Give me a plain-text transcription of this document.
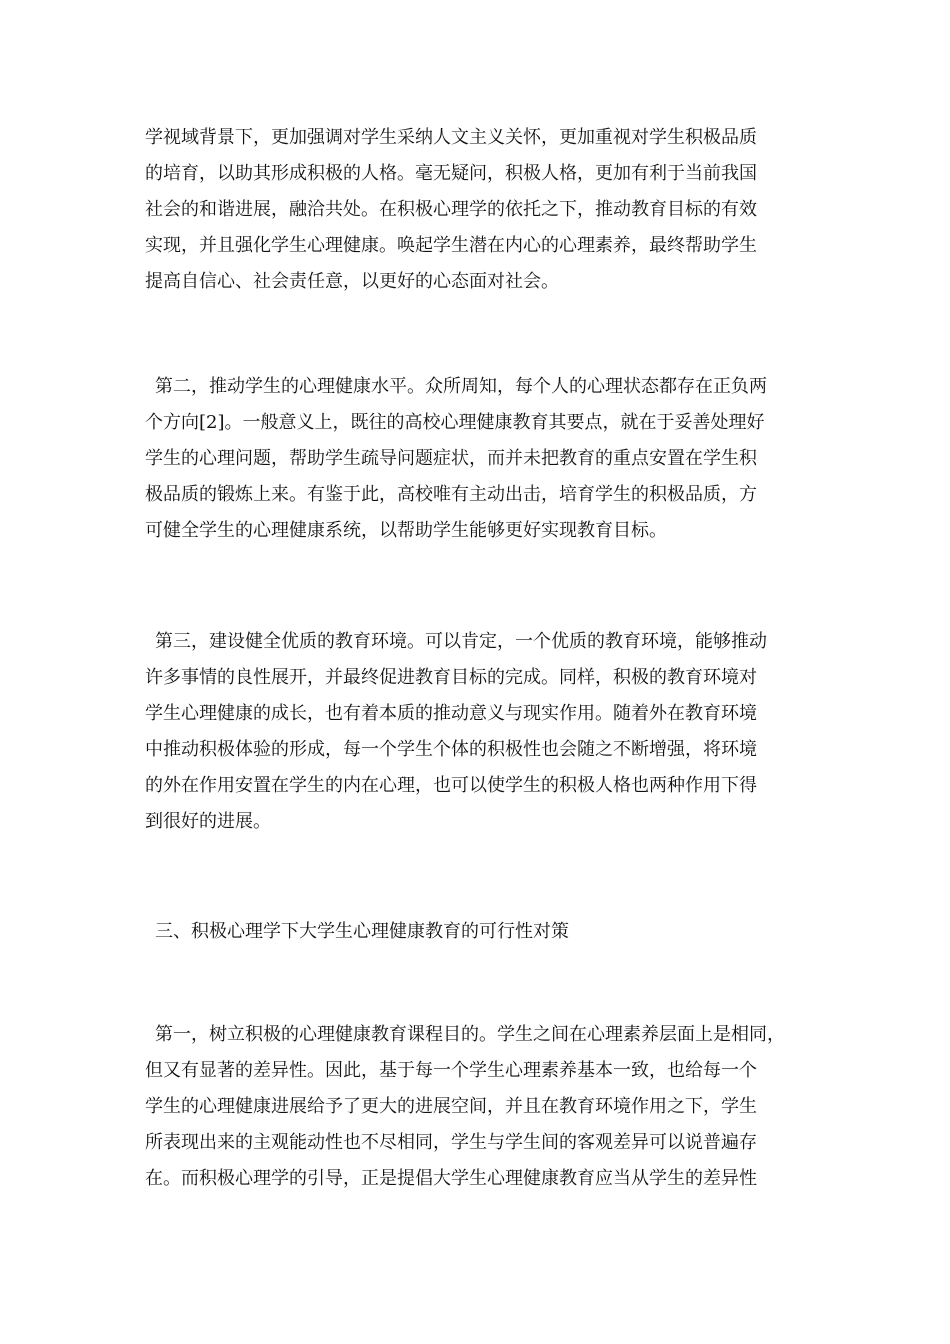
学视域背景下，更加强调对学生采纳人文主义关怀，更加重视对学生积极品质
的培育，以助其形成积极的人格。毫无疑问，积极人格，更加有利于当前我国
社会的和谐进展，融洽共处。在积极心理学的依托之下，推动教育目标的有效
实现，并且强化学生心理健康。唤起学生潜在内心的心理素养，最终帮助学生
提高自信心、社会责任意，以更好的心态面对社会。
第二，推动学生的心理健康水平。众所周知，每个人的心理状态都存在正负两
个方向[2]。一般意义上，既往的高校心理健康教育其要点，就在于妥善处理好
学生的心理问题，帮助学生疏导问题症状，而并未把教育的重点安置在学生积
极品质的锻炼上来。有鉴于此，高校唯有主动出击，培育学生的积极品质，方
可健全学生的心理健康系统，以帮助学生能够更好实现教育目标。
第三，建设健全优质的教育环境。可以肯定，一个优质的教育环境，能够推动
许多事情的良性展开，并最终促进教育目标的完成。同样，积极的教育环境对
学生心理健康的成长，也有着本质的推动意义与现实作用。随着外在教育环境
中推动积极体验的形成，每一个学生个体的积极性也会随之不断增强，将环境
的外在作用安置在学生的内在心理，也可以使学生的积极人格也两种作用下得
到很好的进展。
三、积极心理学下大学生心理健康教育的可行性对策
第一，树立积极的心理健康教育课程目的。学生之间在心理素养层面上是相同，
但又有显著的差异性。因此，基于每一个学生心理素养基本一致，也给每一个
学生的心理健康进展给予了更大的进展空间，并且在教育环境作用之下，学生
所表现出来的主观能动性也不尽相同，学生与学生间的客观差异可以说普遍存
在。而积极心理学的引导，正是提倡大学生心理健康教育应当从学生的差异性
